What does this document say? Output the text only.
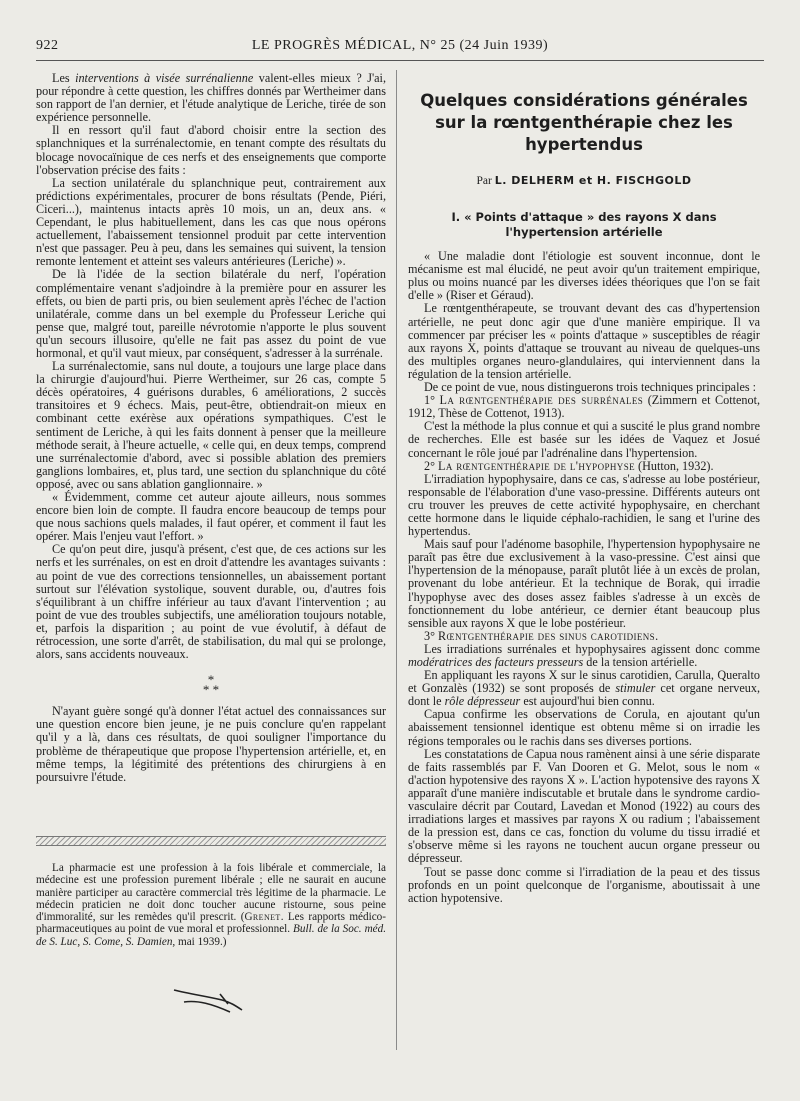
922	LE PROGRÈS MÉDICAL, N° 25 (24 Juin 1939)

Les interventions à visée surrénalienne valent-elles mieux ? J'ai, pour répondre à cette question, les chiffres donnés par Wertheimer dans son rapport de l'an dernier, et l'étude analytique de Leriche, tirée de son expérience personnelle.

Il en ressort qu'il faut d'abord choisir entre la section des splanchniques et la surrénalectomie, en tenant compte des résultats du blocage novocaïnique de ces nerfs et des enseignements que comporte l'observation précise des faits :

La section unilatérale du splanchnique peut, contrairement aux prédictions expérimentales, procurer de bons résultats (Pende, Piéri, Ciceri...), maintenus intacts après 10 mois, un an, deux ans. « Cependant, le plus habituellement, dans les cas que nous opérons actuellement, l'abaissement tensionnel produit par cette intervention n'est que passager. Peu à peu, dans les semaines qui suivent, la tension remonte lentement et atteint ses valeurs antérieures (Leriche) ».

De là l'idée de la section bilatérale du nerf, l'opération complémentaire venant s'adjoindre à la première pour en assurer les effets, ou bien de parti pris, ou bien seulement après l'échec de l'action unilatérale, comme dans un bel exemple du Professeur Leriche qui pense que, malgré tout, pareille névrotomie n'apporte le plus souvent qu'un secours illusoire, qu'elle ne fait pas assez du point de vue hormonal, et qu'il vaut mieux, par conséquent, s'adresser à la surrénale.

La surrénalectomie, sans nul doute, a toujours une large place dans la chirurgie d'aujourd'hui. Pierre Wertheimer, sur 26 cas, compte 5 décès opératoires, 4 guérisons durables, 6 améliorations, 2 succès transitoires et 9 échecs. Mais, peut-être, obtiendrait-on mieux en combinant cette exérèse aux opérations sympathiques. C'est le sentiment de Leriche, à qui les faits donnent à penser que la meilleure méthode serait, à l'heure actuelle, « celle qui, en deux temps, comprend une surrénalectomie d'abord, avec si possible ablation des premiers ganglions lombaires, et, plus tard, une section du splanchnique du côté opposé, avec ou sans ablation ganglionnaire. »

« Évidemment, comme cet auteur ajoute ailleurs, nous sommes encore bien loin de compte. Il faudra encore beaucoup de temps pour que nous sachions quels malades, il faut opérer, et comment il faut les opérer. Mais l'enjeu vaut l'effort. »

Ce qu'on peut dire, jusqu'à présent, c'est que, de ces actions sur les nerfs et les surrénales, on est en droit d'attendre les avantages suivants : au point de vue des corrections tensionnelles, un abaissement portant surtout sur l'élévation systolique, souvent durable, ou, d'autres fois s'équilibrant à un chiffre inférieur au taux d'avant l'intervention ; au point de vue des troubles subjectifs, une amélioration toujours notable, et, parfois la disparition ; au point de vue évolutif, à défaut de rétrocession, une sorte d'arrêt, de stabilisation, du mal qui se prolonge, alors, sans accidents nouveaux.

*
* *

N'ayant guère songé qu'à donner l'état actuel des connaissances sur une question encore bien jeune, je ne puis conclure qu'en rappelant qu'il y a là, dans ces résultats, de quoi souligner l'importance du problème de thérapeutique que propose l'hypertension artérielle, et, en même temps, la légitimité des prétentions des chirurgiens à en poursuivre l'étude.

La pharmacie est une profession à la fois libérale et commerciale, la médecine est une profession purement libérale ; elle ne saurait en aucune manière participer au caractère commercial très légitime de la pharmacie. Le médecin praticien ne doit donc toucher aucune ristourne, sous peine d'immoralité, sur les remèdes qu'il prescrit. (Grenet. Les rapports médico-pharmaceutiques au point de vue moral et professionnel. Bull. de la Soc. méd. de S. Luc, S. Come, S. Damien, mai 1939.)

Quelques considérations générales sur la rœntgenthérapie chez les hypertendus
Par L. DELHERM et H. FISCHGOLD
I. « Points d'attaque » des rayons X dans l'hypertension artérielle

« Une maladie dont l'étiologie est souvent inconnue, dont le mécanisme est mal élucidé, ne peut avoir qu'un traitement empirique, plus ou moins nuancé par les diverses idées théoriques que l'on se fait d'elle » (Riser et Géraud).

Le rœntgenthérapeute, se trouvant devant des cas d'hypertension artérielle, ne peut donc agir que d'une manière empirique. Il va commencer par préciser les « points d'attaque » susceptibles de réagir aux rayons X, points d'attaque se trouvant au niveau de quelques-uns des multiples organes neuro-glandulaires, qui interviennent dans la régulation de la tension artérielle.

De ce point de vue, nous distinguerons trois techniques principales :

1° La rœntgenthérapie des surrénales (Zimmern et Cottenot, 1912, Thèse de Cottenot, 1913).

C'est la méthode la plus connue et qui a suscité le plus grand nombre de recherches. Elle est basée sur les idées de Vaquez et Josué concernant le rôle joué par l'adrénaline dans l'hypertension.

2° La rœntgenthérapie de l'hypophyse (Hutton, 1932).

L'irradiation hypophysaire, dans ce cas, s'adresse au lobe postérieur, responsable de l'élaboration d'une vaso-pressine. Différents auteurs ont cru trouver les preuves de cette activité hypophysaire, en cherchant cette hormone dans le liquide céphalo-rachidien, le sang et l'urine des hypertendus.

Mais sauf pour l'adénome basophile, l'hypertension hypophysaire ne paraît pas être due exclusivement à la vaso-pressine. C'est ainsi que l'hypertension de la ménopause, paraît plutôt liée à un excès de prolan, provenant du lobe antérieur. Et la technique de Borak, qui irradie l'hypophyse avec des doses assez faibles s'adresse à un excès de fonctionnement du lobe antérieur, ce dernier étant beaucoup plus sensible aux rayons X que le lobe postérieur.

3° Rœntgenthérapie des sinus carotidiens.

Les irradiations surrénales et hypophysaires agissent donc comme modératrices des facteurs presseurs de la tension artérielle.

En appliquant les rayons X sur le sinus carotidien, Carulla, Queralto et Gonzalès (1932) se sont proposés de stimuler cet organe nerveux, dont le rôle dépresseur est aujourd'hui bien connu.

Capua confirme les observations de Corula, en ajoutant qu'un abaissement tensionnel identique est obtenu même si on irradie les régions temporales ou le rachis dans ses diverses portions.

Les constatations de Capua nous ramènent ainsi à une série disparate de faits rassemblés par F. Van Dooren et G. Melot, sous le nom « d'action hypotensive des rayons X ». L'action hypotensive des rayons X apparaît d'une manière indiscutable et brutale dans le syndrome cardio-vasculaire décrit par Coutard, Lavedan et Monod (1922) au cours des irradiations larges et massives par rayons X ou radium ; l'abaissement de la pression est, dans ce cas, fonction du volume du tissu irradié et s'observe même si les rayons ne touchent aucun organe presseur ou dépresseur.

Tout se passe donc comme si l'irradiation de la peau et des tissus profonds en un point quelconque de l'organisme, aboutissait à une action hypotensive.
